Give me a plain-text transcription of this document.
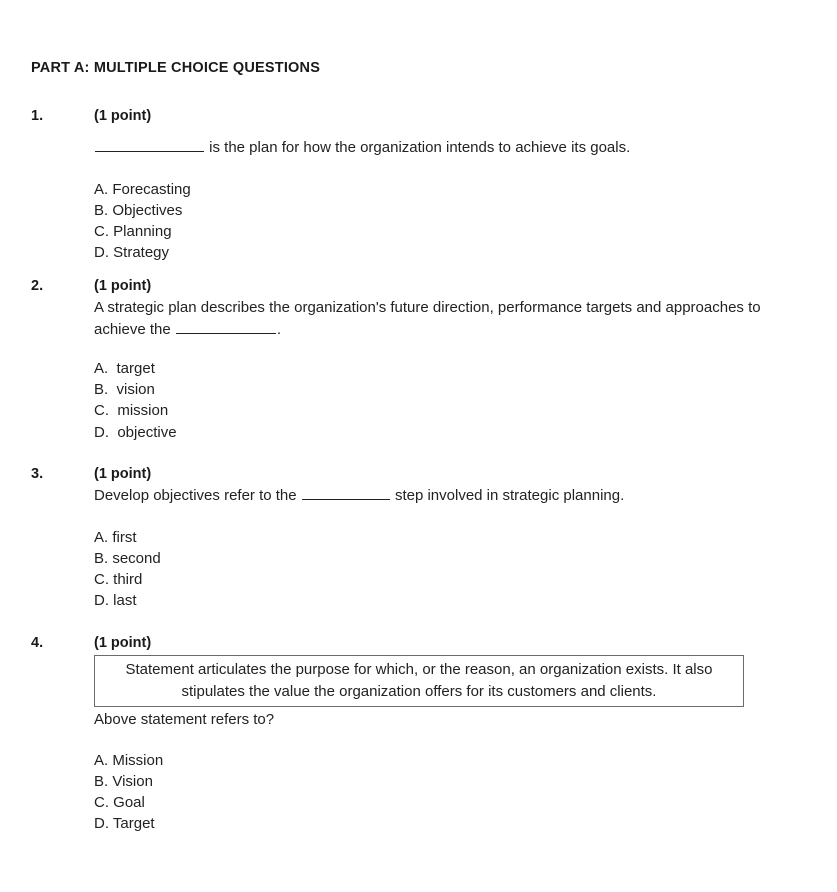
PART A: MULTIPLE CHOICE QUESTIONS
1.	(1 point)

is the plan for how the organization intends to achieve its goals.

A. Forecasting
B. Objectives
C. Planning
D. Strategy
2.	(1 point)

A strategic plan describes the organization's future direction, performance targets and approaches to achieve the	.

A.  target
B.  vision
C.  mission
D.  objective
3.	(1 point)

Develop objectives refer to the	step involved in strategic planning.

A. first
B. second
C. third
D. last
4.	(1 point)

Statement articulates the purpose for which, or the reason, an organization exists. It also stipulates the value the organization offers for its customers and clients.

Above statement refers to?

A. Mission
B. Vision
C. Goal
D. Target
